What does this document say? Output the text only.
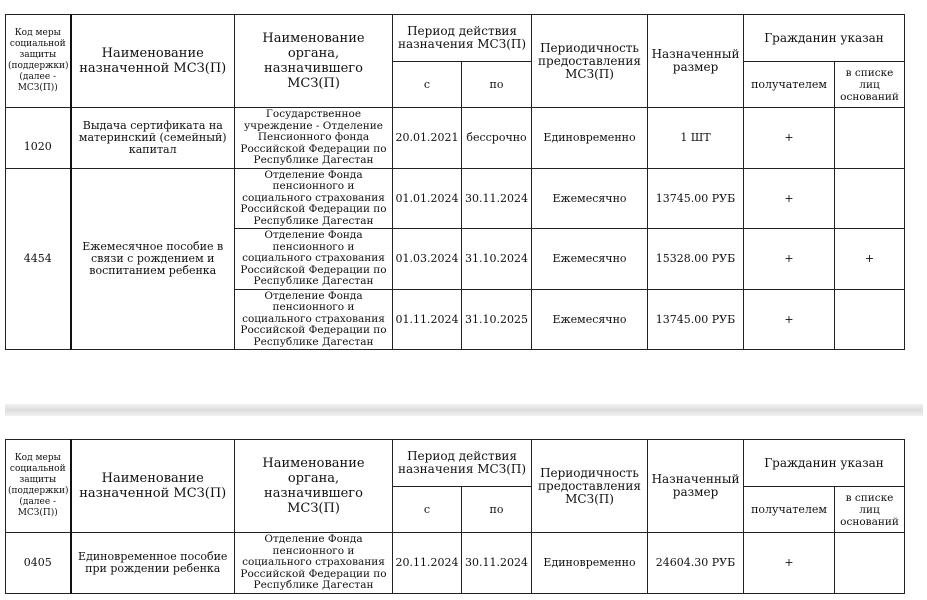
Код меры социальной защиты (поддержки) (далее - МСЗ(П))	Наименование назначенной МСЗ(П)	Наименование органа, назначившего МСЗ(П)	Период действия назначения МСЗ(П)		Периодичность предоставления МСЗ(П)	Назначенный размер	Гражданин указан	
			с	по			получателем	в списке лиц оснований
1020	Выдача сертификата на материнский (семейный) капитал	Государственное учреждение - Отделение Пенсионного фонда Российской Федерации по Республике Дагестан	20.01.2021	бессрочно	Единовременно	1 ШТ	+	
4454	Ежемесячное пособие в связи с рождением и воспитанием ребенка	Отделение Фонда пенсионного и социального страхования Российской Федерации по Республике Дагестан	01.01.2024	30.11.2024	Ежемесячно	13745.00 РУБ	+	
		Отделение Фонда пенсионного и социального страхования Российской Федерации по Республике Дагестан	01.03.2024	31.10.2024	Ежемесячно	15328.00 РУБ	+	+
		Отделение Фонда пенсионного и социального страхования Российской Федерации по Республике Дагестан	01.11.2024	31.10.2025	Ежемесячно	13745.00 РУБ	+	
Код меры социальной защиты (поддержки) (далее - МСЗ(П))	Наименование назначенной МСЗ(П)	Наименование органа, назначившего МСЗ(П)	Период действия назначения МСЗ(П)		Периодичность предоставления МСЗ(П)	Назначенный размер	Гражданин указан	
			с	по			получателем	в списке лиц оснований
0405	Единовременное пособие при рождении ребенка	Отделение Фонда пенсионного и социального страхования Российской Федерации по Республике Дагестан	20.11.2024	30.11.2024	Единовременно	24604.30 РУБ	+	
